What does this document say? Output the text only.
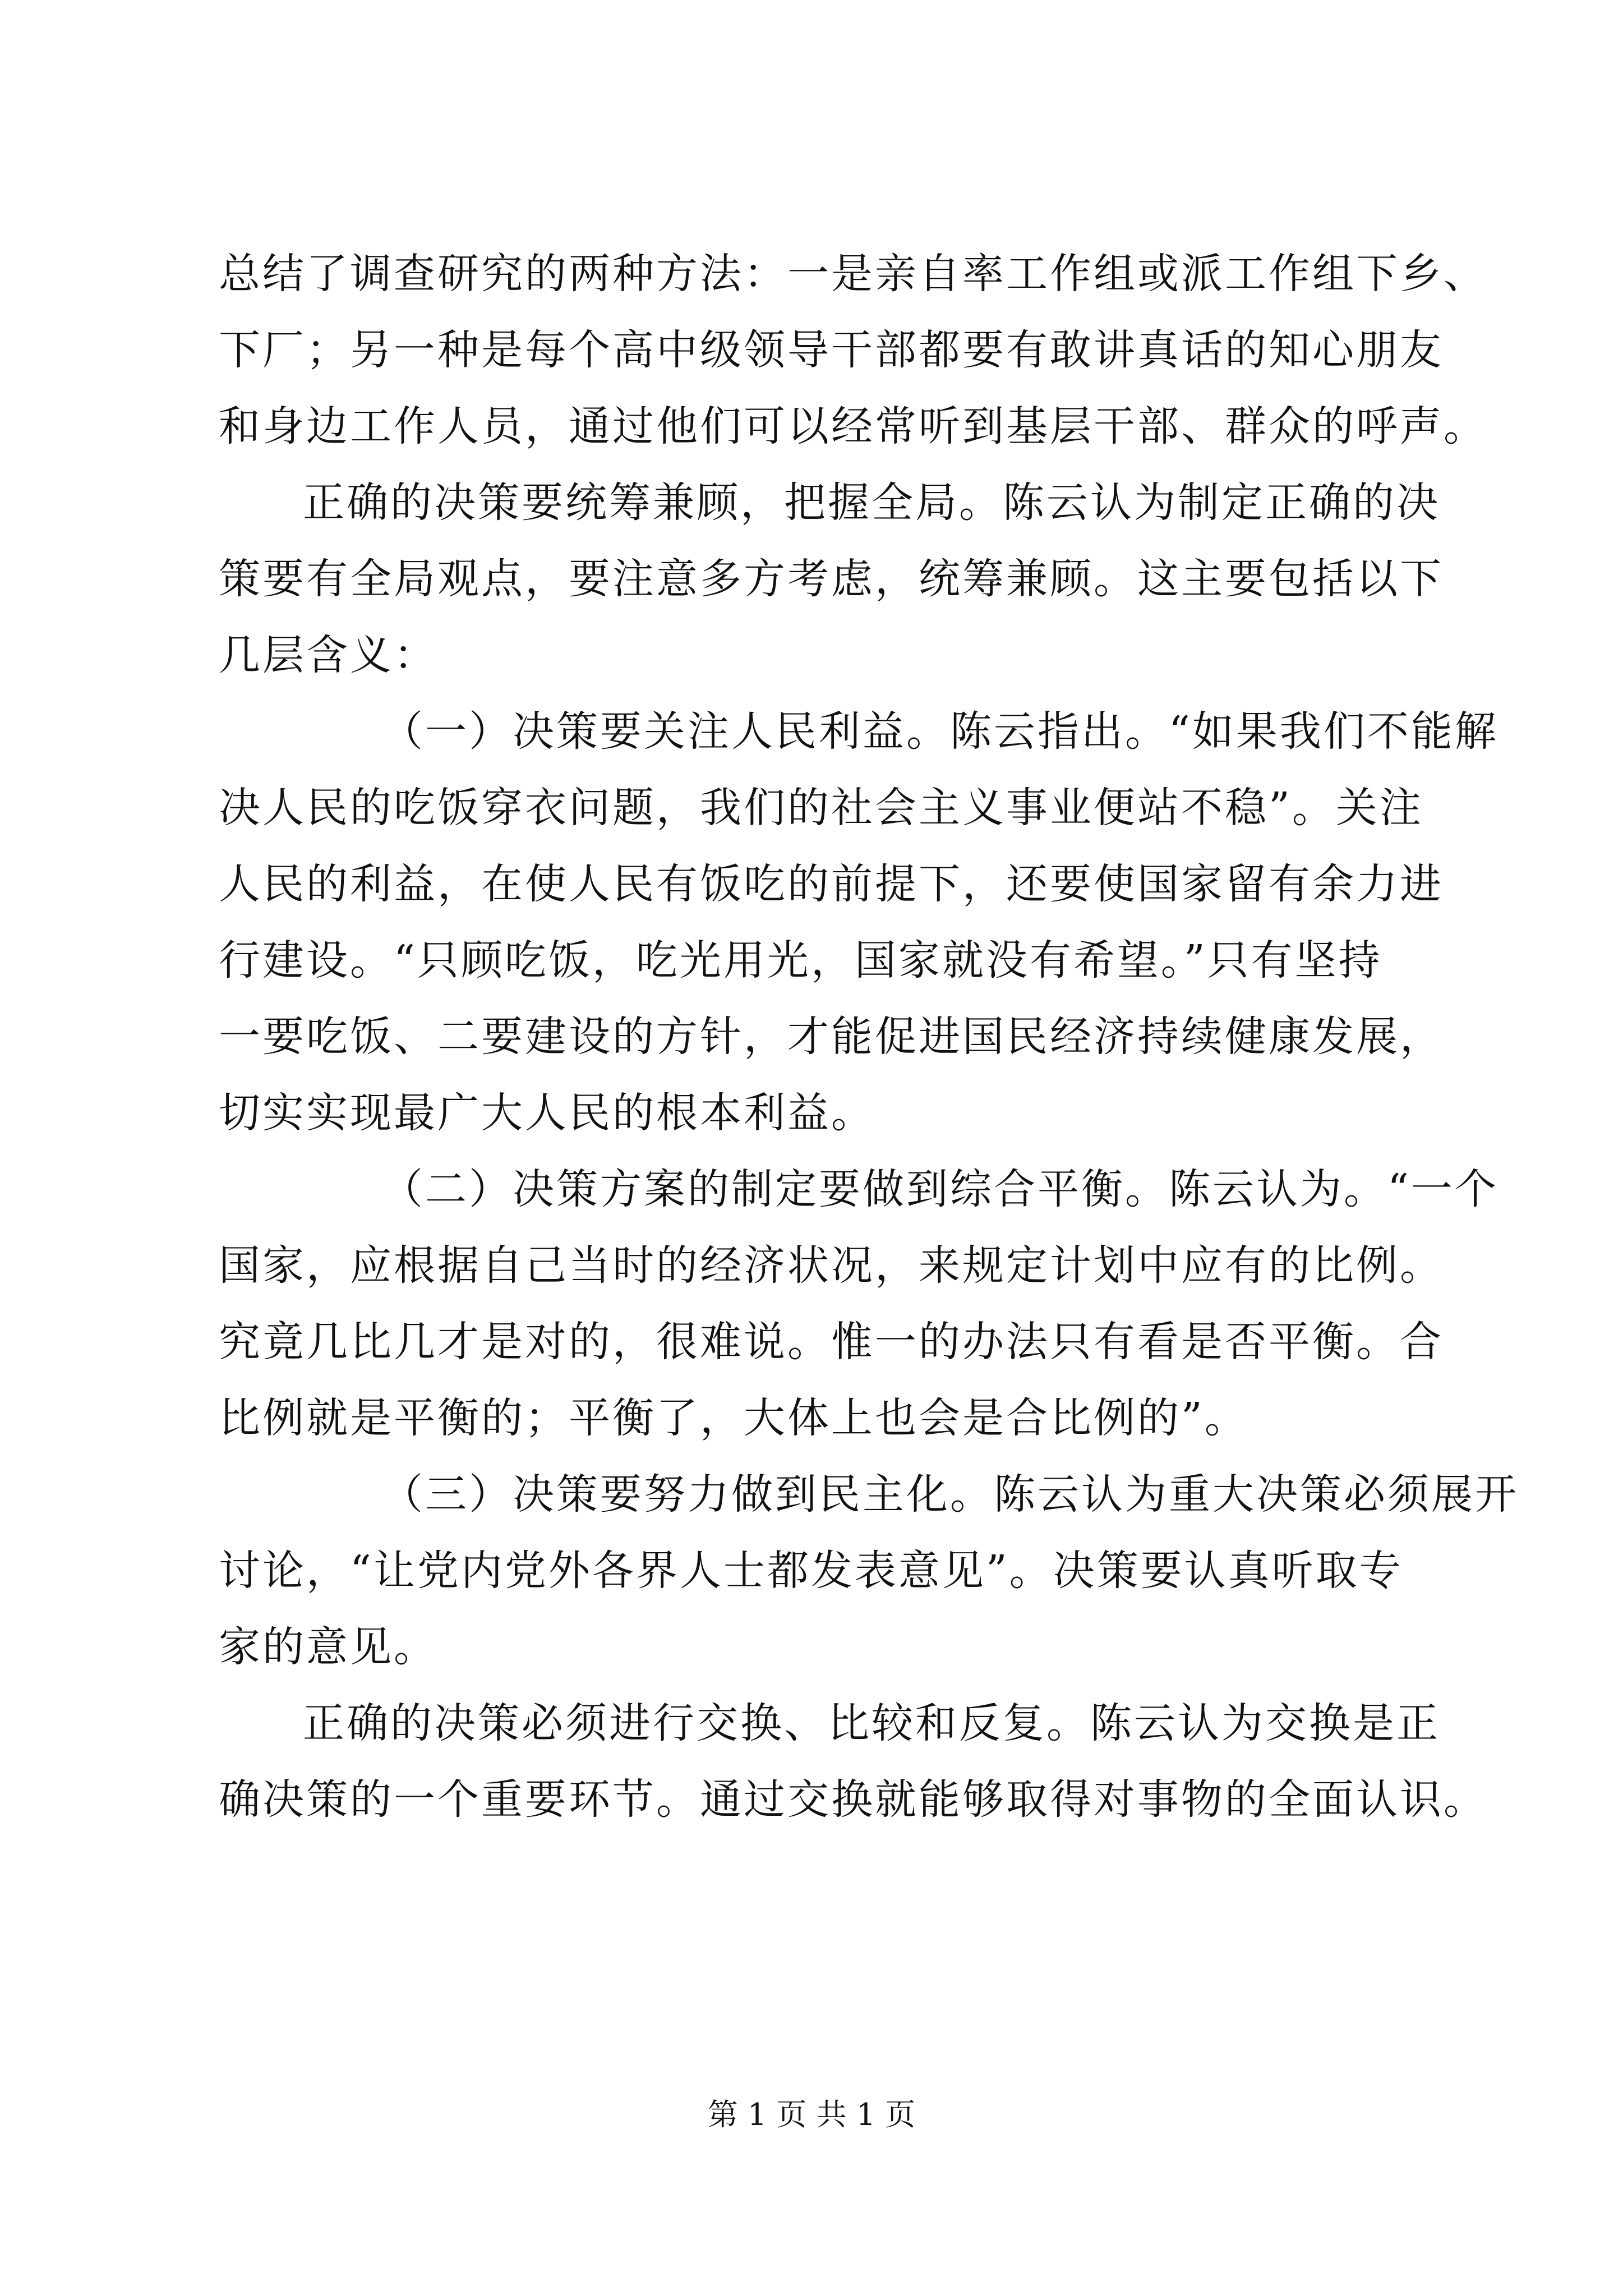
总结了调查研究的两种方法：一是亲自率工作组或派工作组下乡、
下厂；另一种是每个高中级领导干部都要有敢讲真话的知心朋友
和身边工作人员，通过他们可以经常听到基层干部、群众的呼声。
正确的决策要统筹兼顾，把握全局。陈云认为制定正确的决
策要有全局观点，要注意多方考虑，统筹兼顾。这主要包括以下
几层含义：
（一）决策要关注人民利益。陈云指出。“如果我们不能解
决人民的吃饭穿衣问题，我们的社会主义事业便站不稳”。关注
人民的利益，在使人民有饭吃的前提下，还要使国家留有余力进
行建设。“只顾吃饭，吃光用光，国家就没有希望。”只有坚持
一要吃饭、二要建设的方针，才能促进国民经济持续健康发展，
切实实现最广大人民的根本利益。
（二）决策方案的制定要做到综合平衡。陈云认为。“一个
国家，应根据自己当时的经济状况，来规定计划中应有的比例。
究竟几比几才是对的，很难说。惟一的办法只有看是否平衡。合
比例就是平衡的；平衡了，大体上也会是合比例的”。
（三）决策要努力做到民主化。陈云认为重大决策必须展开
讨论，“让党内党外各界人士都发表意见”。决策要认真听取专
家的意见。
正确的决策必须进行交换、比较和反复。陈云认为交换是正
确决策的一个重要环节。通过交换就能够取得对事物的全面认识。
第 1 页 共 1 页
